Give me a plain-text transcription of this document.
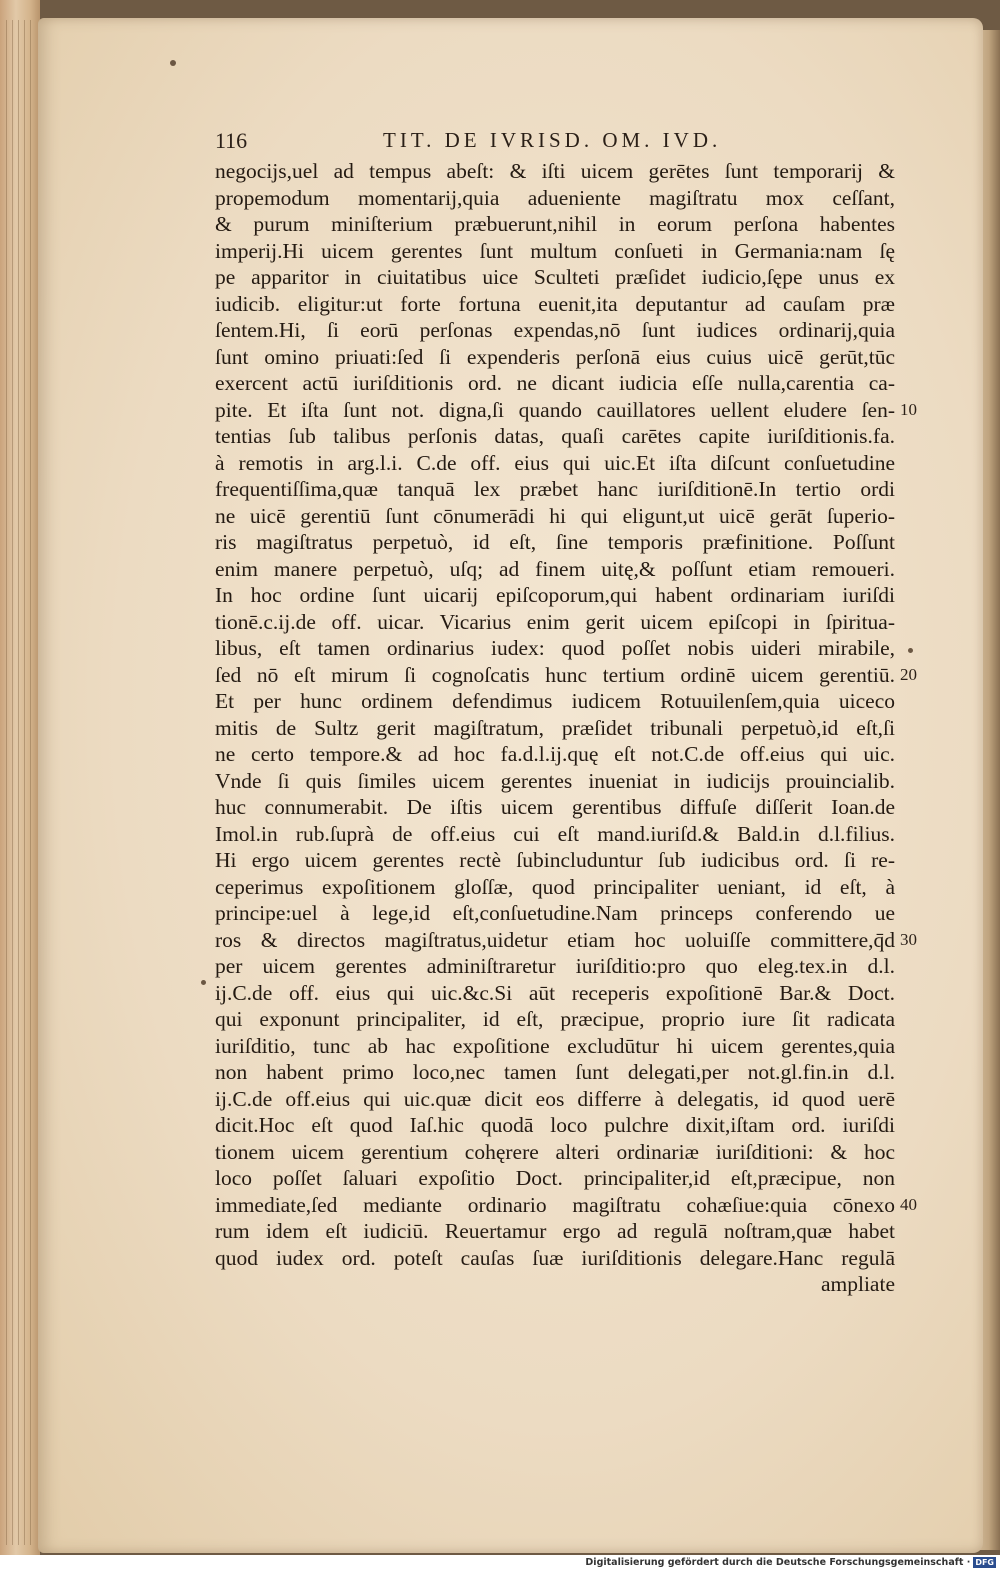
116	TIT. DE IVRISD. OM. IVD.
negocijs,uel ad tempus abeſt: & iſti uicem gerētes ſunt temporarij &
propemodum momentarij,quia adueniente magiſtratu mox ceſſant,
& purum miniſterium præbuerunt,nihil in eorum perſona habentes
imperij.Hi uicem gerentes ſunt multum conſueti in Germania:nam ſę
pe apparitor in ciuitatibus uice Sculteti præſidet iudicio,ſępe unus ex
iudicib. eligitur:ut forte fortuna euenit,ita deputantur ad cauſam præ
ſentem.Hi, ſi eorū perſonas expendas,nō ſunt iudices ordinarij,quia
ſunt omino priuati:ſed ſi expenderis perſonā eius cuius uicē gerūt,tūc
exercent actū iuriſditionis ord. ne dicant iudicia eſſe nulla,carentia ca-
pite. Et iſta ſunt not. digna,ſi quando cauillatores uellent eludere ſen-
tentias ſub talibus perſonis datas, quaſi carētes capite iuriſditionis.fa.
à remotis in arg.l.i. C.de off. eius qui uic.Et iſta diſcunt conſuetudine
frequentiſſima,quæ tanquā lex præbet hanc iuriſditionē.In tertio ordi
ne uicē gerentiū ſunt cōnumerādi hi qui eligunt,ut uicē gerāt ſuperio-
ris magiſtratus perpetuò, id eſt, ſine temporis præfinitione. Poſſunt
enim manere perpetuò, uſq; ad finem uitę,& poſſunt etiam remoueri.
In hoc ordine ſunt uicarij epiſcoporum,qui habent ordinariam iuriſdi
tionē.c.ij.de off. uicar. Vicarius enim gerit uicem epiſcopi in ſpiritua-
libus, eſt tamen ordinarius iudex: quod poſſet nobis uideri mirabile,
ſed nō eſt mirum ſi cognoſcatis hunc tertium ordinē uicem gerentiū.
Et per hunc ordinem defendimus iudicem Rotuuilenſem,quia uiceco
mitis de Sultz gerit magiſtratum, præſidet tribunali perpetuò,id eſt,ſi
ne certo tempore.& ad hoc fa.d.l.ij.quę eſt not.C.de off.eius qui uic.
Vnde ſi quis ſimiles uicem gerentes inueniat in iudicijs prouincialib.
huc connumerabit. De iſtis uicem gerentibus diffuſe diſſerit Ioan.de
Imol.in rub.ſuprà de off.eius cui eſt mand.iuriſd.& Bald.in d.l.filius.
Hi ergo uicem gerentes rectè ſubincluduntur ſub iudicibus ord. ſi re-
ceperimus expoſitionem gloſſæ, quod principaliter ueniant, id eſt, à
principe:uel à lege,id eſt,conſuetudine.Nam princeps conferendo ue
ros & directos magiſtratus,uidetur etiam hoc uoluiſſe committere,q̄d
per uicem gerentes adminiſtraretur iuriſditio:pro quo eleg.tex.in d.l.
ij.C.de off. eius qui uic.&c.Si aūt receperis expoſitionē Bar.& Doct.
qui exponunt principaliter, id eſt, præcipue, proprio iure ſit radicata
iuriſditio, tunc ab hac expoſitione excludūtur hi uicem gerentes,quia
non habent primo loco,nec tamen ſunt delegati,per not.gl.fin.in d.l.
ij.C.de off.eius qui uic.quæ dicit eos differre à delegatis, id quod uerē
dicit.Hoc eſt quod Iaſ.hic quodā loco pulchre dixit,iſtam ord. iuriſdi
tionem uicem gerentium cohęrere alteri ordinariæ iuriſditioni: & hoc
loco poſſet ſaluari expoſitio Doct. principaliter,id eſt,præcipue, non
immediate,ſed mediante ordinario magiſtratu cohæſiue:quia cōnexo
rum idem eſt iudiciū. Reuertamur ergo ad regulā noſtram,quæ habet
quod iudex ord. poteſt cauſas ſuæ iuriſditionis delegare.Hanc regulā
ampliate
10
20
30
40
Digitalisierung gefördert durch die Deutsche Forschungsgemeinschaft · DFG
